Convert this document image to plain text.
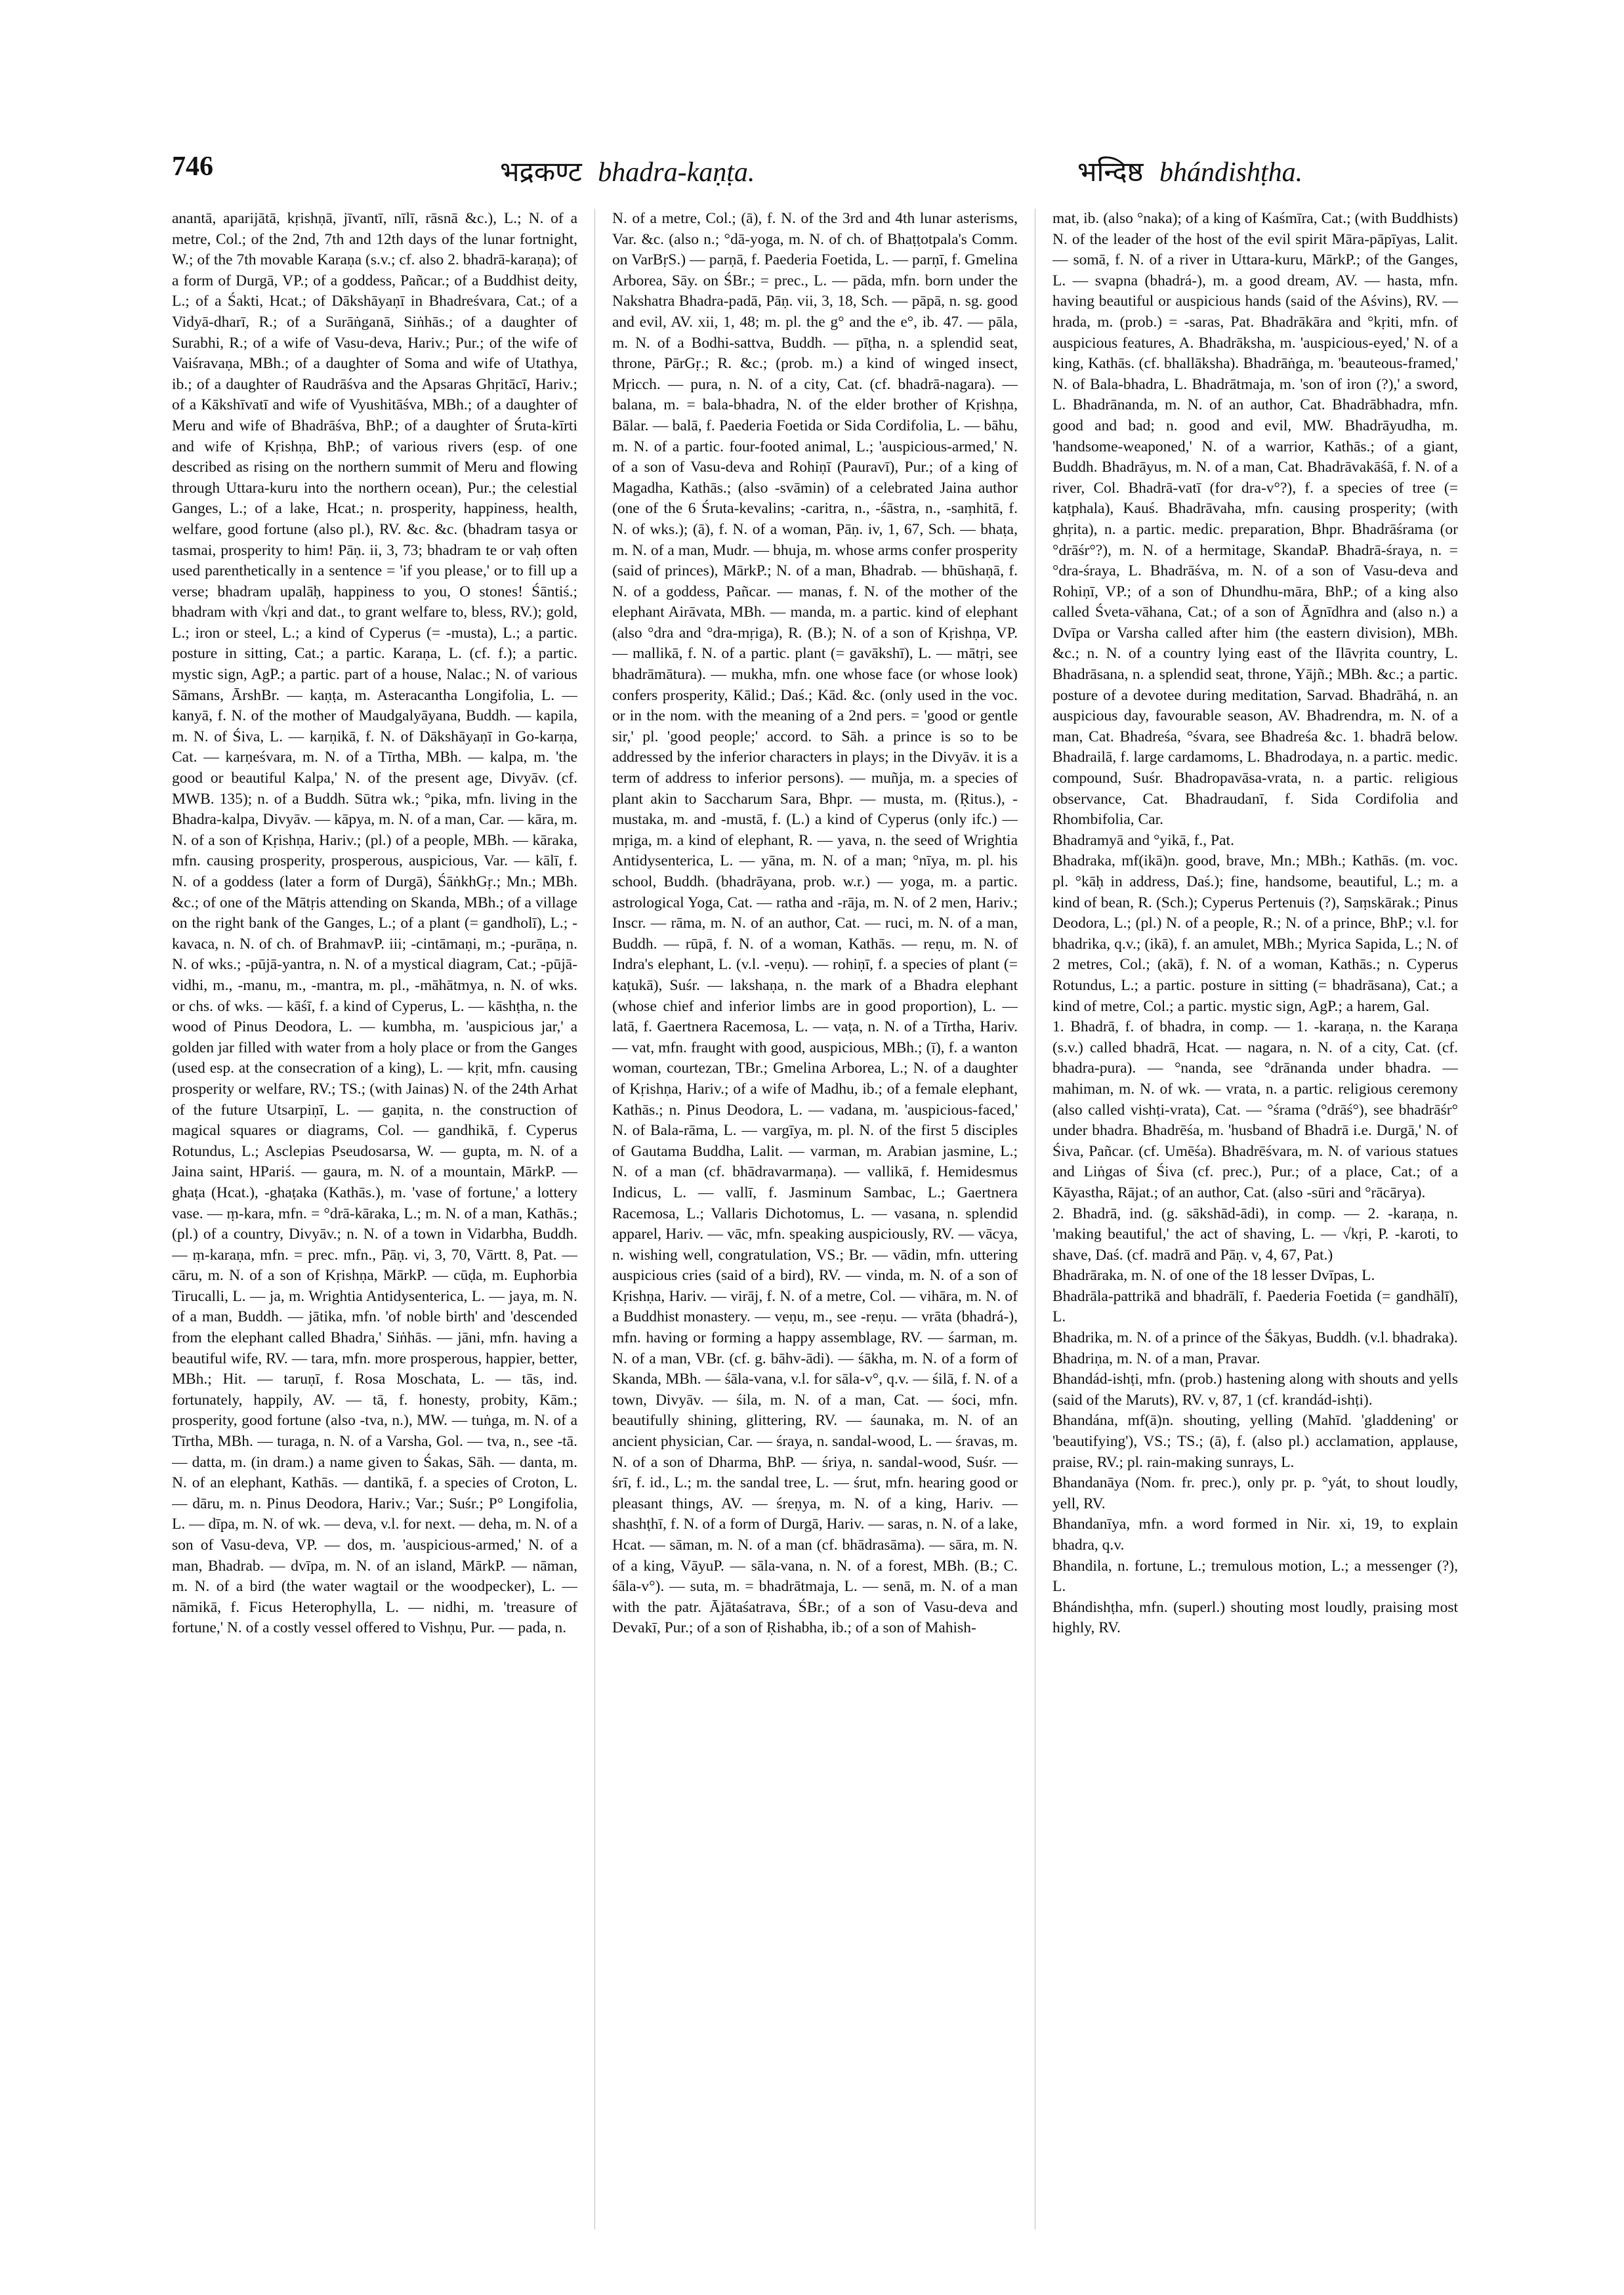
746	भद्रकण्ट bhadra-kaṇṭa.	भन्दिष्ठ bhándishṭha.

anantā, aparijātā, kṛishṇā, jīvantī, nīlī, rāsnā &c.), L.; N. of a metre, Col.; of the 2nd, 7th and 12th days of the lunar fortnight, W.; of the 7th movable Karaṇa (s.v.; cf. also 2. bhadrā-karaṇa); of a form of Durgā, VP.; of a goddess, Pañcar.; of a Buddhist deity, L.; of a Śakti, Hcat.; of Dākshāyaṇī in Bhadreśvara, Cat.; of a Vidyā-dharī, R.; of a Surāṅganā, Siṅhās.; of a daughter of Surabhi, R.; of a wife of Vasu-deva, Hariv.; Pur.; of the wife of Vaiśravaṇa, MBh.; of a daughter of Soma and wife of Utathya, ib.; of a daughter of Raudrāśva and the Apsaras Ghṛitācī, Hariv.; of a Kākshīvatī and wife of Vyushitāśva, MBh.; of a daughter of Meru and wife of Bhadrāśva, BhP.; of a daughter of Śruta-kīrti and wife of Kṛishṇa, BhP.; of various rivers (esp. of one described as rising on the northern summit of Meru and flowing through Uttara-kuru into the northern ocean), Pur.; the celestial Ganges, L.; of a lake, Hcat.; n. prosperity, happiness, health, welfare, good fortune (also pl.), RV. &c. &c. (bhadram tasya or tasmai, prosperity to him! Pāṇ. ii, 3, 73; bhadram te or vaḥ often used parenthetically in a sentence = 'if you please,' or to fill up a verse; bhadram upalāḥ, happiness to you, O stones! Śāntiś.; bhadram with √kṛi and dat., to grant welfare to, bless, RV.); gold, L.; iron or steel, L.; a kind of Cyperus (= -musta), L.; a partic. posture in sitting, Cat.; a partic. Karaṇa, L. (cf. f.); a partic. mystic sign, AgP.; a partic. part of a house, Nalac.; N. of various Sāmans, ĀrshBr. — kaṇṭa, m. Asteracantha Longifolia, L. — kanyā, f. N. of the mother of Maudgalyāyana, Buddh. — kapila, m. N. of Śiva, L. — karṇikā, f. N. of Dākshāyaṇī in Go-karṇa, Cat. — karṇeśvara, m. N. of a Tīrtha, MBh. — kalpa, m. 'the good or beautiful Kalpa,' N. of the present age, Divyāv. (cf. MWB. 135); n. of a Buddh. Sūtra wk.; °pika, mfn. living in the Bhadra-kalpa, Divyāv. — kāpya, m. N. of a man, Car. — kāra, m. N. of a son of Kṛishṇa, Hariv.; (pl.) of a people, MBh. — kāraka, mfn. causing prosperity, prosperous, auspicious, Var. — kālī, f. N. of a goddess (later a form of Durgā), ŚāṅkhGṛ.; Mn.; MBh. &c.; of one of the Mātṛis attending on Skanda, MBh.; of a village on the right bank of the Ganges, L.; of a plant (= gandholī), L.; -kavaca, n. N. of ch. of BrahmavP. iii; -cintāmaṇi, m.; -purāṇa, n. N. of wks.; -pūjā-yantra, n. N. of a mystical diagram, Cat.; -pūjā-vidhi, m., -manu, m., -mantra, m. pl., -māhātmya, n. N. of wks. or chs. of wks. — kāśī, f. a kind of Cyperus, L. — kāshṭha, n. the wood of Pinus Deodora, L. — kumbha, m. 'auspicious jar,' a golden jar filled with water from a holy place or from the Ganges (used esp. at the consecration of a king), L. — kṛit, mfn. causing prosperity or welfare, RV.; TS.; (with Jainas) N. of the 24th Arhat of the future Utsarpiṇī, L. — gaṇita, n. the construction of magical squares or diagrams, Col. — gandhikā, f. Cyperus Rotundus, L.; Asclepias Pseudosarsa, W. — gupta, m. N. of a Jaina saint, HPariś. — gaura, m. N. of a mountain, MārkP. — ghaṭa (Hcat.), -ghaṭaka (Kathās.), m. 'vase of fortune,' a lottery vase. — ṃ-kara, mfn. = °drā-kāraka, L.; m. N. of a man, Kathās.; (pl.) of a country, Divyāv.; n. N. of a town in Vidarbha, Buddh. — ṃ-karaṇa, mfn. = prec. mfn., Pāṇ. vi, 3, 70, Vārtt. 8, Pat. — cāru, m. N. of a son of Kṛishṇa, MārkP. — cūḍa, m. Euphorbia Tirucalli, L. — ja, m. Wrightia Antidysenterica, L. — jaya, m. N. of a man, Buddh. — jātika, mfn. 'of noble birth' and 'descended from the elephant called Bhadra,' Siṅhās. — jāni, mfn. having a beautiful wife, RV. — tara, mfn. more prosperous, happier, better, MBh.; Hit. — taruṇī, f. Rosa Moschata, L. — tās, ind. fortunately, happily, AV. — tā, f. honesty, probity, Kām.; prosperity, good fortune (also -tva, n.), MW. — tuṅga, m. N. of a Tīrtha, MBh. — turaga, n. N. of a Varsha, Gol. — tva, n., see -tā. — datta, m. (in dram.) a name given to Śakas, Sāh. — danta, m. N. of an elephant, Kathās. — dantikā, f. a species of Croton, L. — dāru, m. n. Pinus Deodora, Hariv.; Var.; Suśr.; P° Longifolia, L. — dīpa, m. N. of wk. — deva, v.l. for next. — deha, m. N. of a son of Vasu-deva, VP. — dos, m. 'auspicious-armed,' N. of a man, Bhadrab. — dvīpa, m. N. of an island, MārkP. — nāman, m. N. of a bird (the water wagtail or the woodpecker), L. — nāmikā, f. Ficus Heterophylla, L. — nidhi, m. 'treasure of fortune,' N. of a costly vessel offered to Vishṇu, Pur. — pada, n.

N. of a metre, Col.; (ā), f. N. of the 3rd and 4th lunar asterisms, Var. &c. (also n.; °dā-yoga, m. N. of ch. of Bhaṭṭotpala's Comm. on VarBṛS.) — parṇā, f. Paederia Foetida, L. — parṇī, f. Gmelina Arborea, Sāy. on ŚBr.; = prec., L. — pāda, mfn. born under the Nakshatra Bhadra-padā, Pāṇ. vii, 3, 18, Sch. — pāpā, n. sg. good and evil, AV. xii, 1, 48; m. pl. the g° and the e°, ib. 47. — pāla, m. N. of a Bodhi-sattva, Buddh. — pīṭha, n. a splendid seat, throne, PārGṛ.; R. &c.; (prob. m.) a kind of winged insect, Mṛicch. — pura, n. N. of a city, Cat. (cf. bhadrā-nagara). — balana, m. = bala-bhadra, N. of the elder brother of Kṛishṇa, Bālar. — balā, f. Paederia Foetida or Sida Cordifolia, L. — bāhu, m. N. of a partic. four-footed animal, L.; 'auspicious-armed,' N. of a son of Vasu-deva and Rohiṇī (Pauravī), Pur.; of a king of Magadha, Kathās.; (also -svāmin) of a celebrated Jaina author (one of the 6 Śruta-kevalins; -caritra, n., -śāstra, n., -saṃhitā, f. N. of wks.); (ā), f. N. of a woman, Pāṇ. iv, 1, 67, Sch. — bhaṭa, m. N. of a man, Mudr. — bhuja, m. whose arms confer prosperity (said of princes), MārkP.; N. of a man, Bhadrab. — bhūshaṇā, f. N. of a goddess, Pañcar. — manas, f. N. of the mother of the elephant Airāvata, MBh. — manda, m. a partic. kind of elephant (also °dra and °dra-mṛiga), R. (B.); N. of a son of Kṛishṇa, VP. — mallikā, f. N. of a partic. plant (= gavākshī), L. — mātṛi, see bhadrāmātura). — mukha, mfn. one whose face (or whose look) confers prosperity, Kālid.; Daś.; Kād. &c. (only used in the voc. or in the nom. with the meaning of a 2nd pers. = 'good or gentle sir,' pl. 'good people;' accord. to Sāh. a prince is so to be addressed by the inferior characters in plays; in the Divyāv. it is a term of address to inferior persons). — muñja, m. a species of plant akin to Saccharum Sara, Bhpr. — musta, m. (Ṛitus.), -mustaka, m. and -mustā, f. (L.) a kind of Cyperus (only ifc.) — mṛiga, m. a kind of elephant, R. — yava, n. the seed of Wrightia Antidysenterica, L. — yāna, m. N. of a man; °nīya, m. pl. his school, Buddh. (bhadrāyana, prob. w.r.) — yoga, m. a partic. astrological Yoga, Cat. — ratha and -rāja, m. N. of 2 men, Hariv.; Inscr. — rāma, m. N. of an author, Cat. — ruci, m. N. of a man, Buddh. — rūpā, f. N. of a woman, Kathās. — reṇu, m. N. of Indra's elephant, L. (v.l. -veṇu). — rohiṇī, f. a species of plant (= kaṭukā), Suśr. — lakshaṇa, n. the mark of a Bhadra elephant (whose chief and inferior limbs are in good proportion), L. — latā, f. Gaertnera Racemosa, L. — vaṭa, n. N. of a Tīrtha, Hariv. — vat, mfn. fraught with good, auspicious, MBh.; (ī), f. a wanton woman, courtezan, TBr.; Gmelina Arborea, L.; N. of a daughter of Kṛishṇa, Hariv.; of a wife of Madhu, ib.; of a female elephant, Kathās.; n. Pinus Deodora, L. — vadana, m. 'auspicious-faced,' N. of Bala-rāma, L. — vargīya, m. pl. N. of the first 5 disciples of Gautama Buddha, Lalit. — varman, m. Arabian jasmine, L.; N. of a man (cf. bhādravarmaṇa). — vallikā, f. Hemidesmus Indicus, L. — vallī, f. Jasminum Sambac, L.; Gaertnera Racemosa, L.; Vallaris Dichotomus, L. — vasana, n. splendid apparel, Hariv. — vāc, mfn. speaking auspiciously, RV. — vācya, n. wishing well, congratulation, VS.; Br. — vādin, mfn. uttering auspicious cries (said of a bird), RV. — vinda, m. N. of a son of Kṛishṇa, Hariv. — virāj, f. N. of a metre, Col. — vihāra, m. N. of a Buddhist monastery. — veṇu, m., see -reṇu. — vrāta (bhadrá-), mfn. having or forming a happy assemblage, RV. — śarman, m. N. of a man, VBr. (cf. g. bāhv-ādi). — śākha, m. N. of a form of Skanda, MBh. — śāla-vana, v.l. for sāla-v°, q.v. — śilā, f. N. of a town, Divyāv. — śila, m. N. of a man, Cat. — śoci, mfn. beautifully shining, glittering, RV. — śaunaka, m. N. of an ancient physician, Car. — śraya, n. sandal-wood, L. — śravas, m. N. of a son of Dharma, BhP. — śriya, n. sandal-wood, Suśr. — śrī, f. id., L.; m. the sandal tree, L. — śrut, mfn. hearing good or pleasant things, AV. — śreṇya, m. N. of a king, Hariv. — shashṭhī, f. N. of a form of Durgā, Hariv. — saras, n. N. of a lake, Hcat. — sāman, m. N. of a man (cf. bhādrasāma). — sāra, m. N. of a king, VāyuP. — sāla-vana, n. N. of a forest, MBh. (B.; C. śāla-v°). — suta, m. = bhadrātmaja, L. — senā, m. N. of a man with the patr. Ājātaśatrava, ŚBr.; of a son of Vasu-deva and Devakī, Pur.; of a son of Ṛishabha, ib.; of a son of Mahish-

mat, ib. (also °naka); of a king of Kaśmīra, Cat.; (with Buddhists) N. of the leader of the host of the evil spirit Māra-pāpīyas, Lalit. — somā, f. N. of a river in Uttara-kuru, MārkP.; of the Ganges, L. — svapna (bhadrá-), m. a good dream, AV. — hasta, mfn. having beautiful or auspicious hands (said of the Aśvins), RV. — hrada, m. (prob.) = -saras, Pat. Bhadrākāra and °kṛiti, mfn. of auspicious features, A. Bhadrāksha, m. 'auspicious-eyed,' N. of a king, Kathās. (cf. bhallāksha). Bhadrāṅga, m. 'beauteous-framed,' N. of Bala-bhadra, L. Bhadrātmaja, m. 'son of iron (?),' a sword, L. Bhadrānanda, m. N. of an author, Cat. Bhadrābhadra, mfn. good and bad; n. good and evil, MW. Bhadrāyudha, m. 'handsome-weaponed,' N. of a warrior, Kathās.; of a giant, Buddh. Bhadrāyus, m. N. of a man, Cat. Bhadrāvakāśā, f. N. of a river, Col. Bhadrā-vatī (for dra-v°?), f. a species of tree (= kaṭphala), Kauś. Bhadrāvaha, mfn. causing prosperity; (with ghṛita), n. a partic. medic. preparation, Bhpr. Bhadrāśrama (or °drāśr°?), m. N. of a hermitage, SkandaP. Bhadrā-śraya, n. = °dra-śraya, L. Bhadrāśva, m. N. of a son of Vasu-deva and Rohiṇī, VP.; of a son of Dhundhu-māra, BhP.; of a king also called Śveta-vāhana, Cat.; of a son of Āgnīdhra and (also n.) a Dvīpa or Varsha called after him (the eastern division), MBh. &c.; n. N. of a country lying east of the Ilāvṛita country, L. Bhadrāsana, n. a splendid seat, throne, Yājñ.; MBh. &c.; a partic. posture of a devotee during meditation, Sarvad. Bhadrāhá, n. an auspicious day, favourable season, AV. Bhadrendra, m. N. of a man, Cat. Bhadreśa, °śvara, see Bhadreśa &c. 1. bhadrā below. Bhadrailā, f. large cardamoms, L. Bhadrodaya, n. a partic. medic. compound, Suśr. Bhadropavāsa-vrata, n. a partic. religious observance, Cat. Bhadraudanī, f. Sida Cordifolia and Rhombifolia, Car.

Bhadramyā and °yikā, f., Pat.

Bhadraka, mf(ikā)n. good, brave, Mn.; MBh.; Kathās. (m. voc. pl. °kāḥ in address, Daś.); fine, handsome, beautiful, L.; m. a kind of bean, R. (Sch.); Cyperus Pertenuis (?), Saṃskārak.; Pinus Deodora, L.; (pl.) N. of a people, R.; N. of a prince, BhP.; v.l. for bhadrika, q.v.; (ikā), f. an amulet, MBh.; Myrica Sapida, L.; N. of 2 metres, Col.; (akā), f. N. of a woman, Kathās.; n. Cyperus Rotundus, L.; a partic. posture in sitting (= bhadrāsana), Cat.; a kind of metre, Col.; a partic. mystic sign, AgP.; a harem, Gal.

1. Bhadrā, f. of bhadra, in comp. — 1. -karaṇa, n. the Karaṇa (s.v.) called bhadrā, Hcat. — nagara, n. N. of a city, Cat. (cf. bhadra-pura). — °nanda, see °drānanda under bhadra. — mahiman, m. N. of wk. — vrata, n. a partic. religious ceremony (also called vishṭi-vrata), Cat. — °śrama (°drāś°), see bhadrāśr° under bhadra. Bhadrēśa, m. 'husband of Bhadrā i.e. Durgā,' N. of Śiva, Pañcar. (cf. Umēśa). Bhadrēśvara, m. N. of various statues and Liṅgas of Śiva (cf. prec.), Pur.; of a place, Cat.; of a Kāyastha, Rājat.; of an author, Cat. (also -sūri and °rācārya).

2. Bhadrā, ind. (g. sākshād-ādi), in comp. — 2. -karaṇa, n. 'making beautiful,' the act of shaving, L. — √kṛi, P. -karoti, to shave, Daś. (cf. madrā and Pāṇ. v, 4, 67, Pat.)

Bhadrāraka, m. N. of one of the 18 lesser Dvīpas, L.

Bhadrāla-pattrikā and bhadrālī, f. Paederia Foetida (= gandhālī), L.

Bhadrika, m. N. of a prince of the Śākyas, Buddh. (v.l. bhadraka).

Bhadriṇa, m. N. of a man, Pravar.

Bhandád-ishṭi, mfn. (prob.) hastening along with shouts and yells (said of the Maruts), RV. v, 87, 1 (cf. krandád-ishṭi).

Bhandána, mf(ā)n. shouting, yelling (Mahīd. 'gladdening' or 'beautifying'), VS.; TS.; (ā), f. (also pl.) acclamation, applause, praise, RV.; pl. rain-making sunrays, L.

Bhandanāya (Nom. fr. prec.), only pr. p. °yát, to shout loudly, yell, RV.

Bhandanīya, mfn. a word formed in Nir. xi, 19, to explain bhadra, q.v.

Bhandila, n. fortune, L.; tremulous motion, L.; a messenger (?), L.

Bhándishṭha, mfn. (superl.) shouting most loudly, praising most highly, RV.
